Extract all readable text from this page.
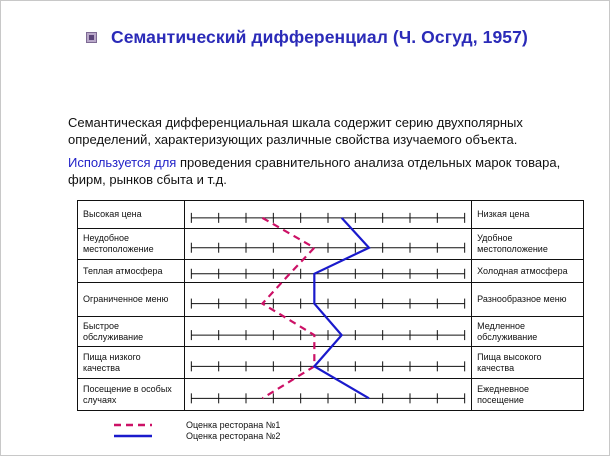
Семантический дифференциал (Ч. Осгуд, 1957)
Семантическая дифференциальная шкала содержит серию двухполярных определений, характеризующих различные свойства изучаемого объекта.
Используется для проведения сравнительного анализа отдельных марок товара, фирм, рынков сбыта и т.д.
Высокая цена		Низкая цена
Неудобное местоположение		Удобное местоположение
Теплая атмосфера		Холодная атмосфера
Ограниченное меню		Разнообразное меню
Быстрое обслуживание		Медленное обслуживание
Пища низкого качества		Пища высокого качества
Посещение в особых случаях		Ежедневное посещение
Оценка ресторана №1
Оценка ресторана №2
